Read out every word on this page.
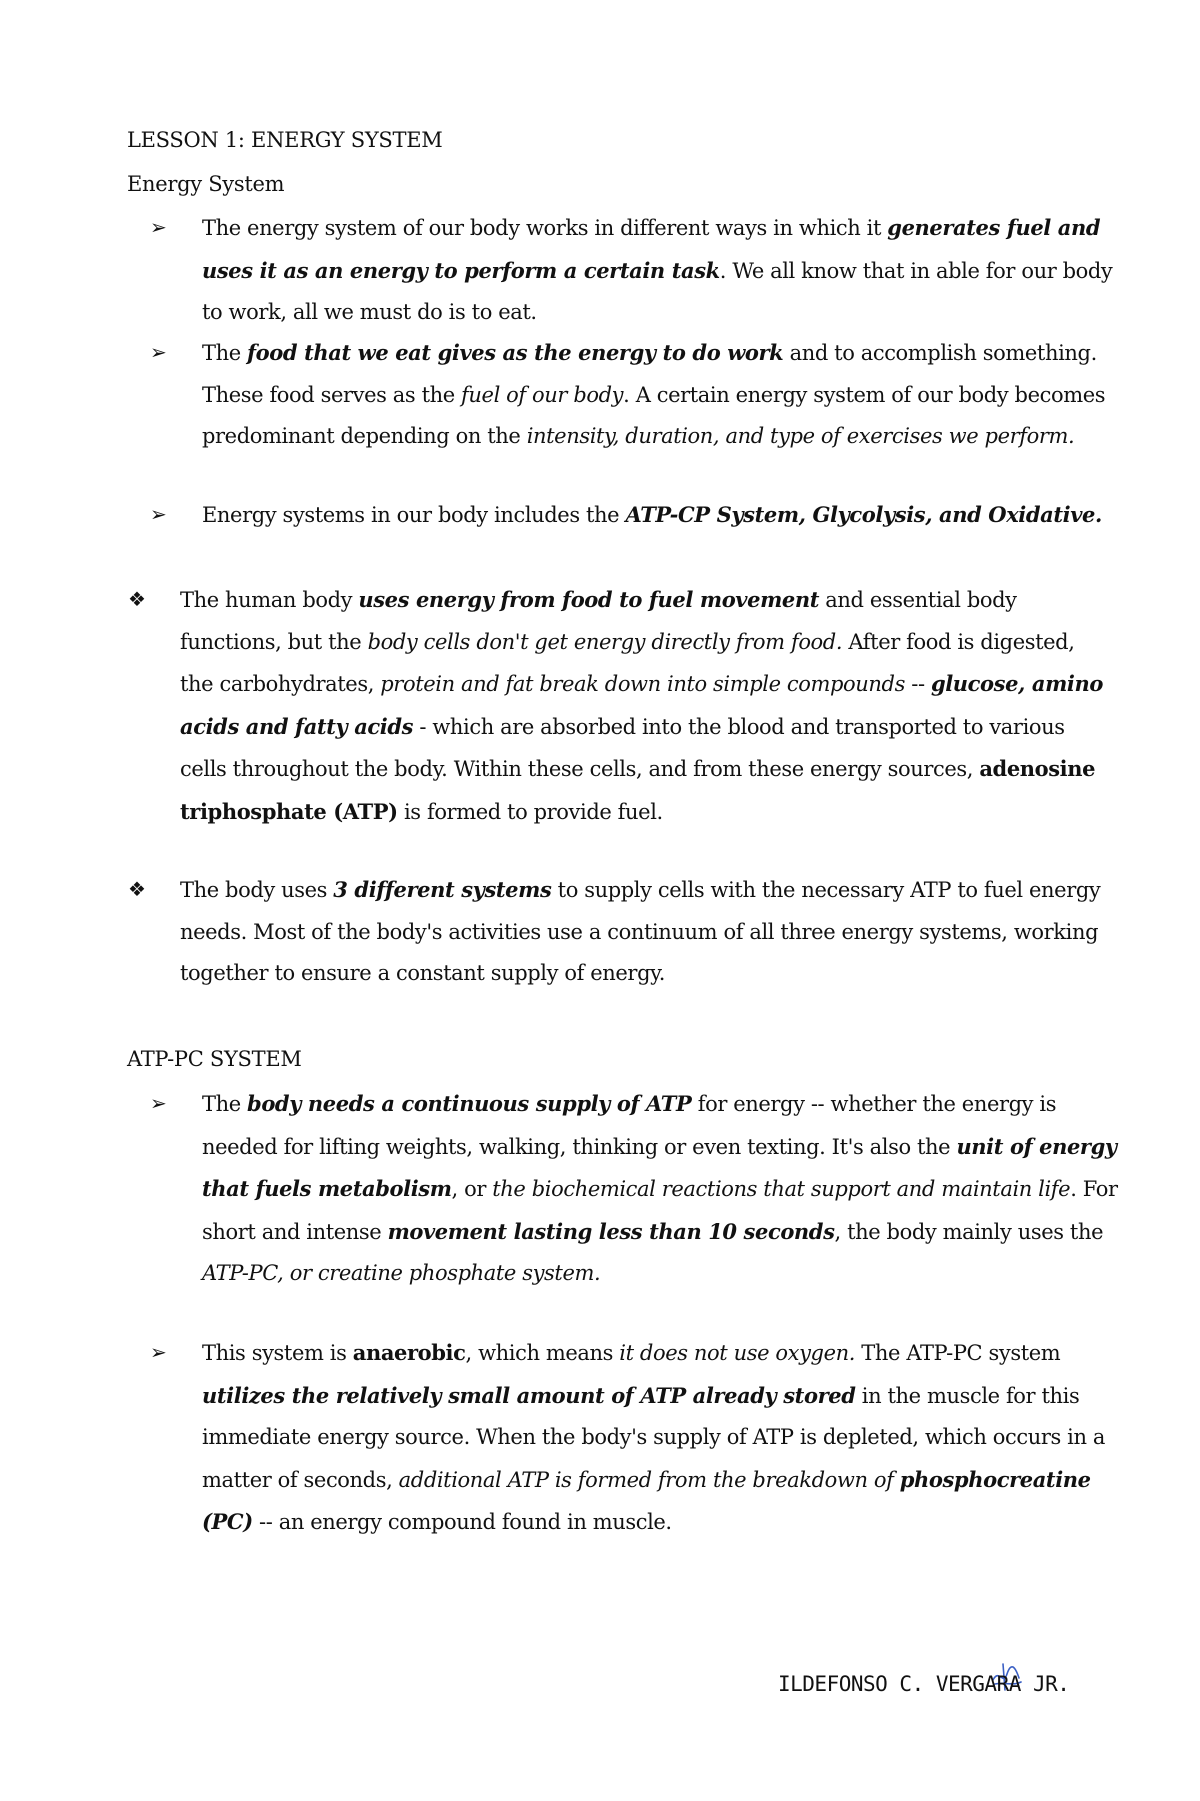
LESSON 1: ENERGY SYSTEM
Energy System
➢ The energy system of our body works in different ways in which it generates fuel and uses it as an energy to perform a certain task. We all know that in able for our body to work, all we must do is to eat.
➢ The food that we eat gives as the energy to do work and to accomplish something. These food serves as the fuel of our body. A certain energy system of our body becomes predominant depending on the intensity, duration, and type of exercises we perform.
➢ Energy systems in our body includes the ATP-CP System, Glycolysis, and Oxidative.
❖ The human body uses energy from food to fuel movement and essential body functions, but the body cells don't get energy directly from food. After food is digested, the carbohydrates, protein and fat break down into simple compounds -- glucose, amino acids and fatty acids - which are absorbed into the blood and transported to various cells throughout the body. Within these cells, and from these energy sources, adenosine triphosphate (ATP) is formed to provide fuel.
❖ The body uses 3 different systems to supply cells with the necessary ATP to fuel energy needs. Most of the body's activities use a continuum of all three energy systems, working together to ensure a constant supply of energy.
ATP-PC SYSTEM
➢ The body needs a continuous supply of ATP for energy -- whether the energy is needed for lifting weights, walking, thinking or even texting. It's also the unit of energy that fuels metabolism, or the biochemical reactions that support and maintain life. For short and intense movement lasting less than 10 seconds, the body mainly uses the ATP-PC, or creatine phosphate system.
➢ This system is anaerobic, which means it does not use oxygen. The ATP-PC system utilizes the relatively small amount of ATP already stored in the muscle for this immediate energy source. When the body's supply of ATP is depleted, which occurs in a matter of seconds, additional ATP is formed from the breakdown of phosphocreatine (PC) -- an energy compound found in muscle.
ILDEFONSO C. VERGARA JR.
